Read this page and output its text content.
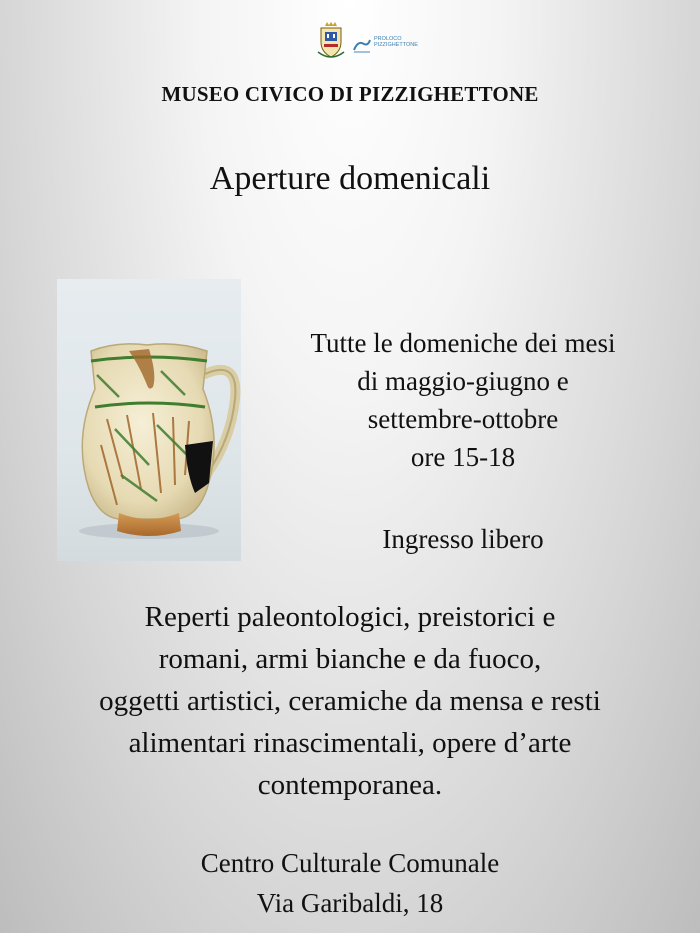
PROLOCO
PIZZIGHETTONE

MUSEO CIVICO DI PIZZIGHETTONE
Aperture domenicali
Tutte le domeniche dei mesi
di maggio-giugno e
settembre-ottobre
ore 15-18
Ingresso libero
Reperti paleontologici, preistorici e
romani, armi bianche e da fuoco,
oggetti artistici, ceramiche da mensa e resti
alimentari rinascimentali, opere d’arte
contemporanea.
Centro Culturale Comunale
Via Garibaldi, 18
